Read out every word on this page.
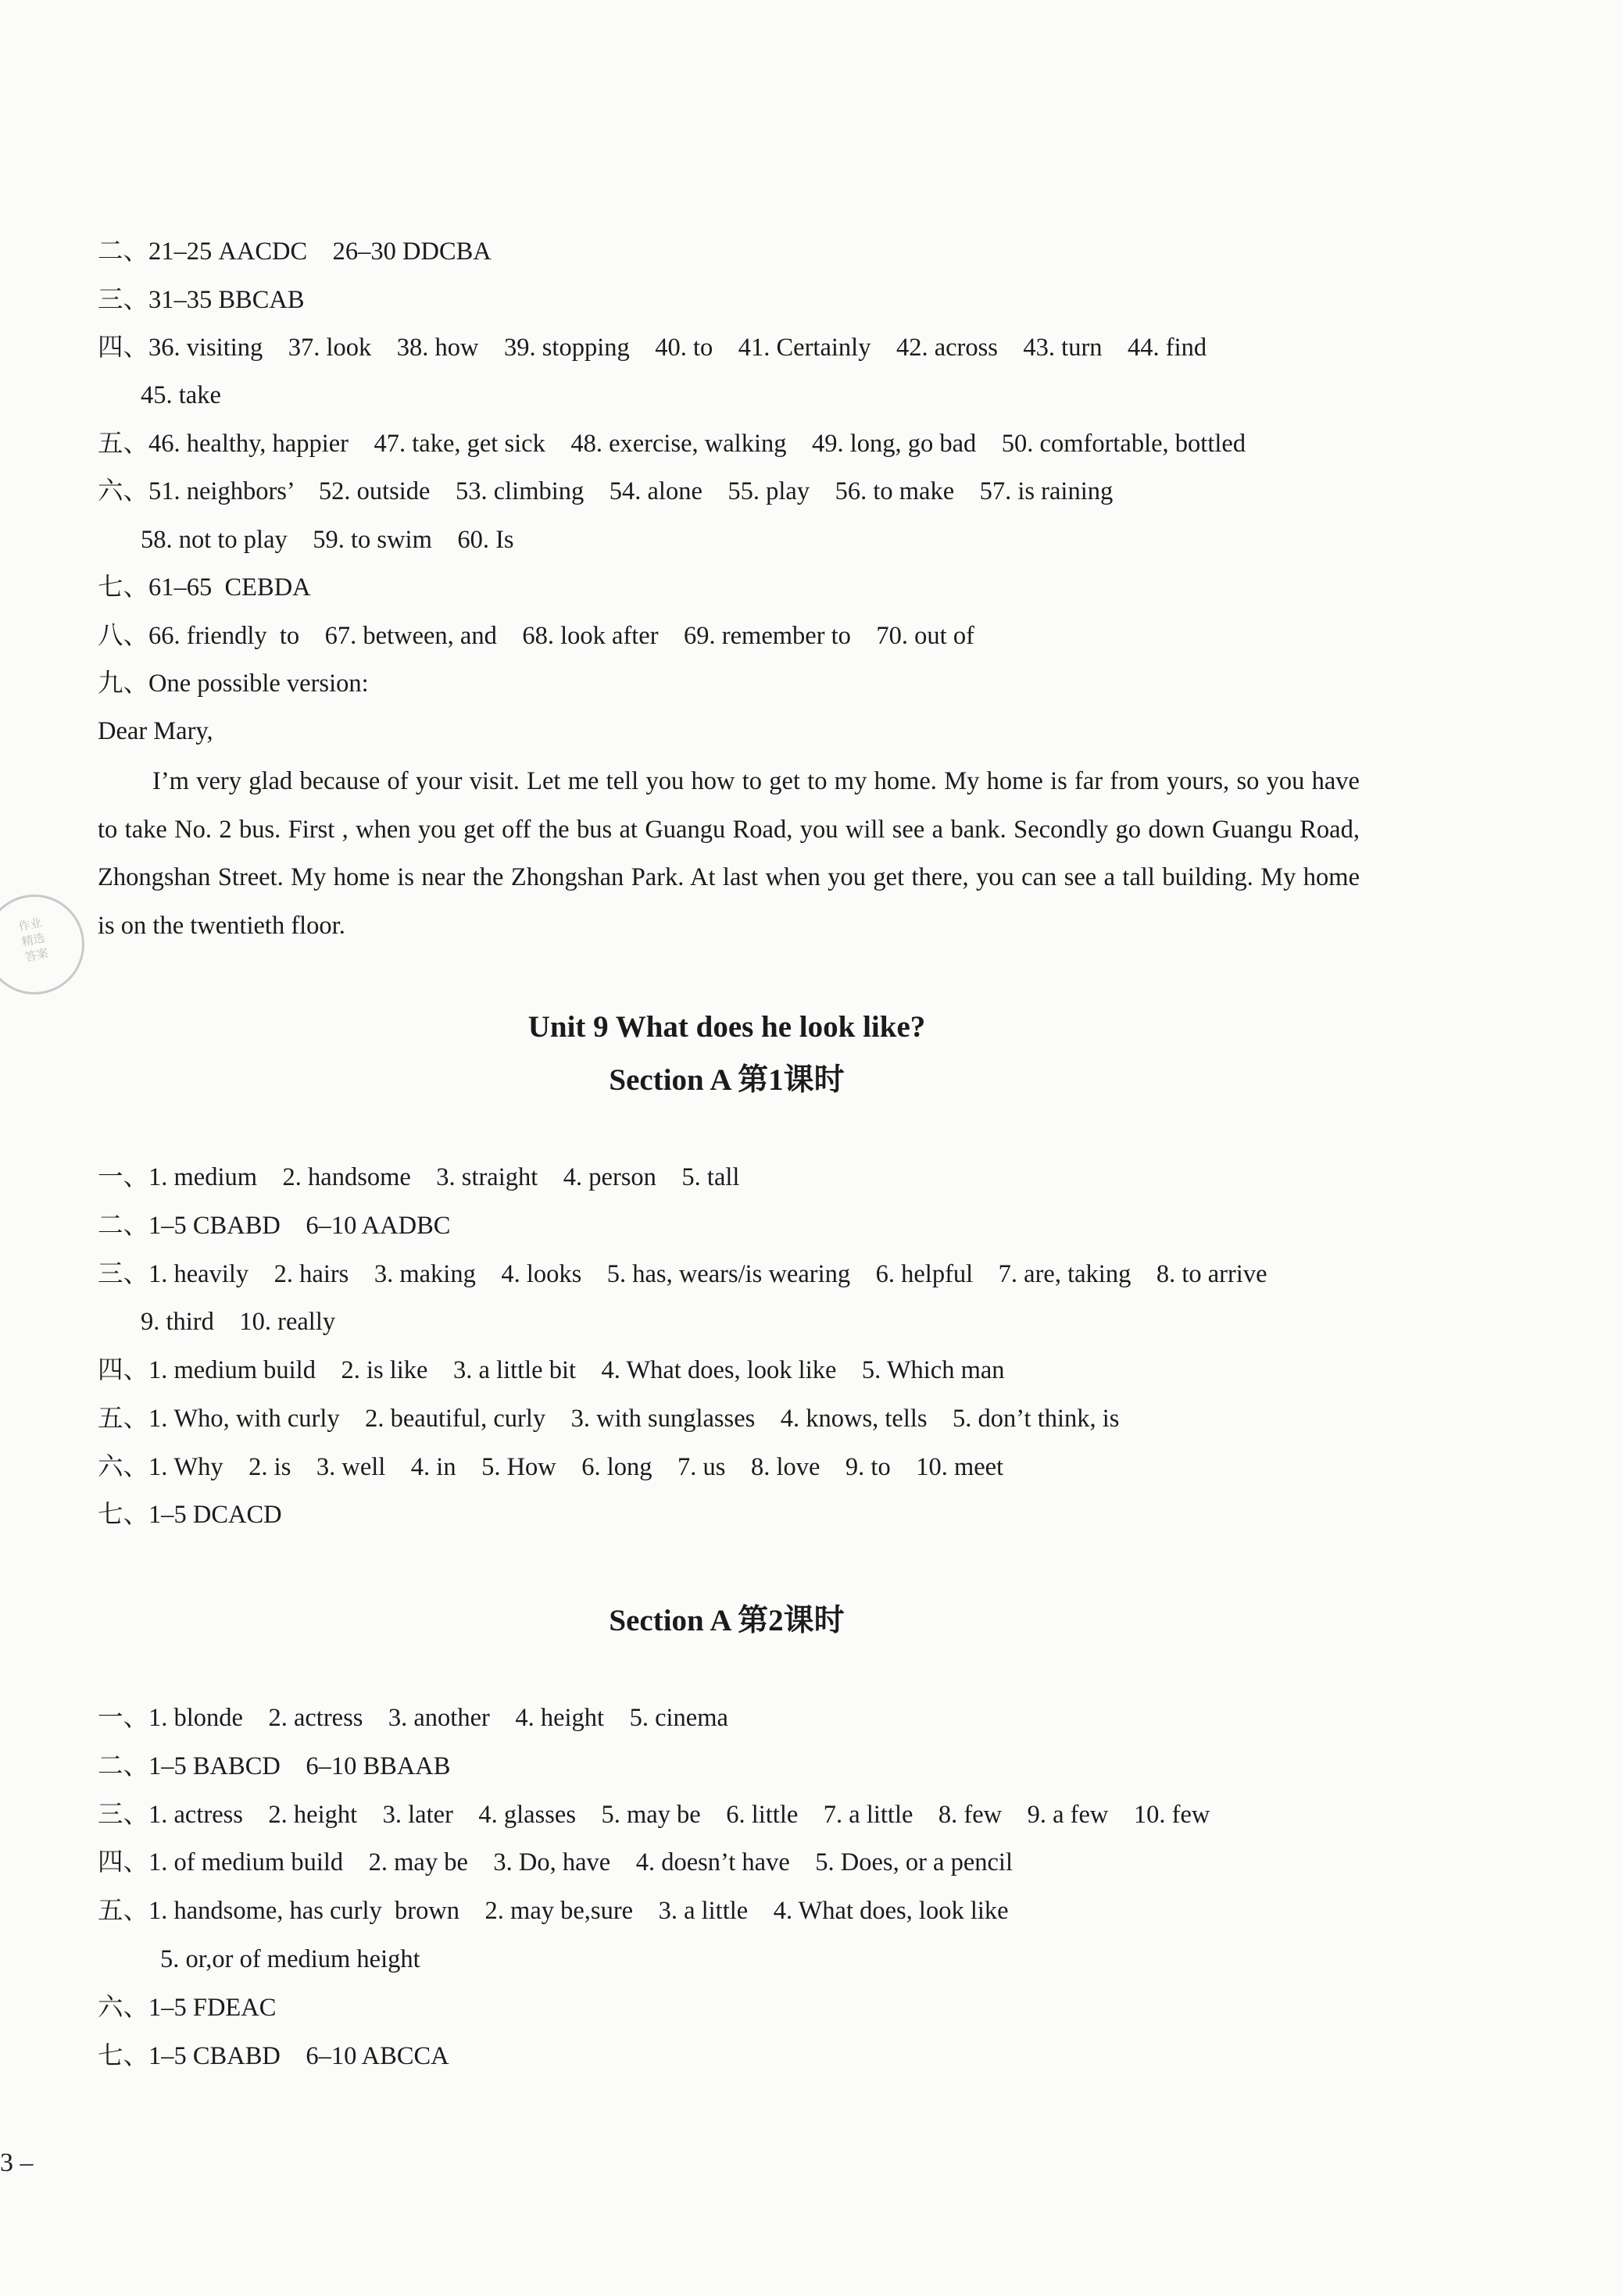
二、21–25 AACDC    26–30 DDCBA
三、31–35 BBCAB
四、36. visiting    37. look    38. how    39. stopping    40. to    41. Certainly    42. across    43. turn    44. find
45. take
五、46. healthy, happier    47. take, get sick    48. exercise, walking    49. long, go bad    50. comfortable, bottled
六、51. neighbors’    52. outside    53. climbing    54. alone    55. play    56. to make    57. is raining
58. not to play    59. to swim    60. Is
七、61–65  CEBDA
八、66. friendly  to    67. between, and    68. look after    69. remember to    70. out of
九、One possible version:
Dear Mary,
I’m very glad because of your visit. Let me tell you how to get to my home. My home is far from yours, so you have to take No. 2 bus. First , when you get off the bus at Guangu Road, you will see a bank. Secondly go down Guangu Road, Zhongshan Street. My home is near the Zhongshan Park. At last when you get there, you can see a tall building. My home is on the twentieth floor.
作业
精选
答案
Unit 9 What does he look like?
Section A 第1课时
一、1. medium    2. handsome    3. straight    4. person    5. tall
二、1–5 CBABD    6–10 AADBC
三、1. heavily    2. hairs    3. making    4. looks    5. has, wears/is wearing    6. helpful    7. are, taking    8. to arrive
9. third    10. really
四、1. medium build    2. is like    3. a little bit    4. What does, look like    5. Which man
五、1. Who, with curly    2. beautiful, curly    3. with sunglasses    4. knows, tells    5. don’t think, is
六、1. Why    2. is    3. well    4. in    5. How    6. long    7. us    8. love    9. to    10. meet
七、1–5 DCACD
Section A 第2课时
一、1. blonde    2. actress    3. another    4. height    5. cinema
二、1–5 BABCD    6–10 BBAAB
三、1. actress    2. height    3. later    4. glasses    5. may be    6. little    7. a little    8. few    9. a few    10. few
四、1. of medium build    2. may be    3. Do, have    4. doesn’t have    5. Does, or a pencil
五、1. handsome, has curly  brown    2. may be,sure    3. a little    4. What does, look like
5. or,or of medium height
六、1–5 FDEAC
七、1–5 CBABD    6–10 ABCCA
3 –
